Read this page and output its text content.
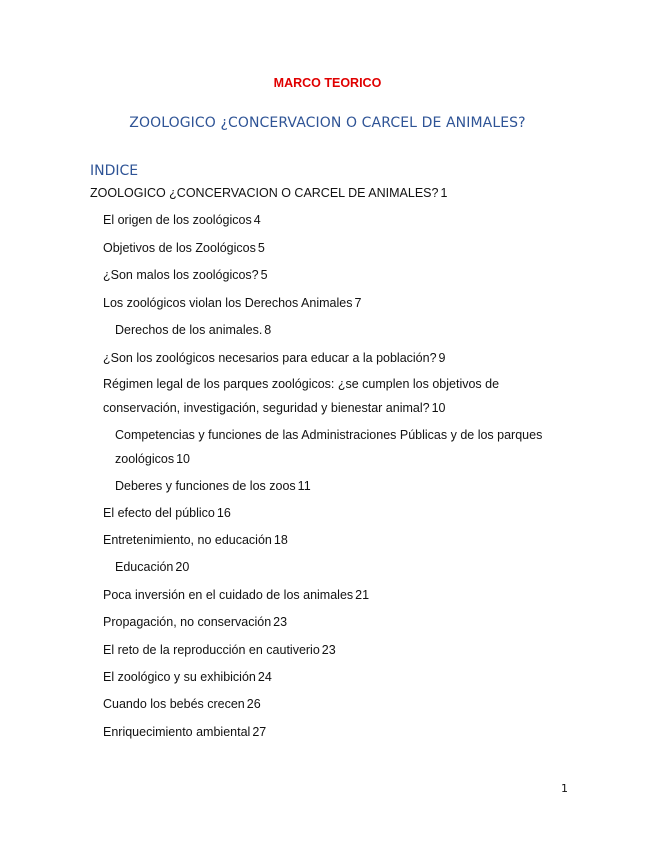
MARCO TEORICO
ZOOLOGICO ¿CONCERVACION O CARCEL DE ANIMALES?
INDICE
ZOOLOGICO ¿CONCERVACION O CARCEL DE ANIMALES? 1
El origen de los zoológicos 4
Objetivos de los Zoológicos 5
¿Son malos los zoológicos? 5
Los zoológicos violan los Derechos Animales 7
Derechos de los animales. 8
¿Son los zoológicos necesarios para educar a la población? 9
Régimen legal de los parques zoológicos: ¿se cumplen los objetivos de
conservación, investigación, seguridad y bienestar animal? 10
Competencias y funciones de las Administraciones Públicas y de los parques
zoológicos 10
Deberes y funciones de los zoos 11
El efecto del público 16
Entretenimiento, no educación 18
Educación 20
Poca inversión en el cuidado de los animales 21
Propagación, no conservación 23
El reto de la reproducción en cautiverio 23
El zoológico y su exhibición 24
Cuando los bebés crecen 26
Enriquecimiento ambiental 27
1
